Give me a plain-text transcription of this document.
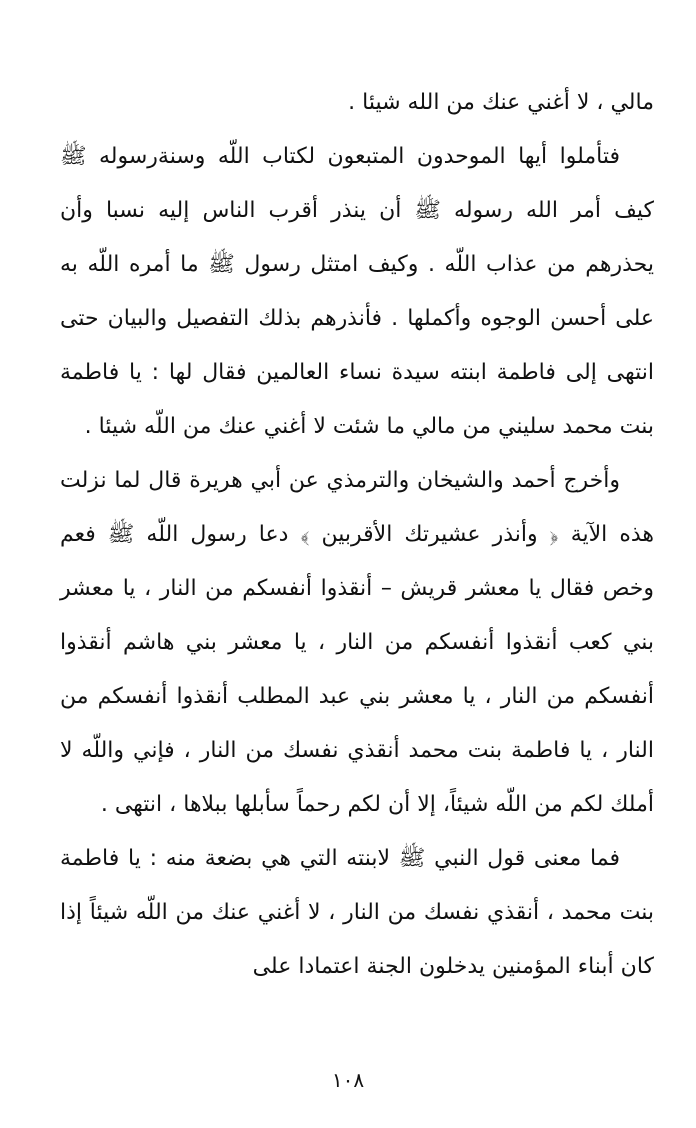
مالي ، لا أغني عنك من الله شيئا .

فتأملوا أيها الموحدون المتبعون لكتاب اللّه وسنةرسوله ﷺ كيف أمر الله رسوله ﷺ أن ينذر أقرب الناس إليه نسبا وأن يحذرهم من عذاب اللّه . وكيف امتثل رسول ﷺ ما أمره اللّه به على أحسن الوجوه وأكملها . فأنذرهم بذلك التفصيل والبيان حتى انتهى إلى فاطمة ابنته سيدة نساء العالمين فقال لها : يا فاطمة بنت محمد سليني من مالي ما شئت لا أغني عنك من اللّه شيئا .

وأخرج أحمد والشيخان والترمذي عن أبي هريرة قال لما نزلت هذه الآية ﴿ وأنذر عشيرتك الأقربين ﴾ دعا رسول اللّه ﷺ فعم وخص فقال يا معشر قريش – أنقذوا أنفسكم من النار ، يا معشر بني كعب أنقذوا أنفسكم من النار ، يا معشر بني هاشم أنقذوا أنفسكم من النار ، يا معشر بني عبد المطلب أنقذوا أنفسكم من النار ، يا فاطمة بنت محمد أنقذي نفسك من النار ، فإني واللّه لا أملك لكم من اللّه شيئاً، إلا أن لكم رحماً سأبلها ببلاها ، انتهى .

فما معنى قول النبي ﷺ لابنته التي هي بضعة منه : يا فاطمة بنت محمد ، أنقذي نفسك من النار ، لا أغني عنك من اللّه شيئاً إذا كان أبناء المؤمنين يدخلون الجنة اعتمادا على

١٠٨
